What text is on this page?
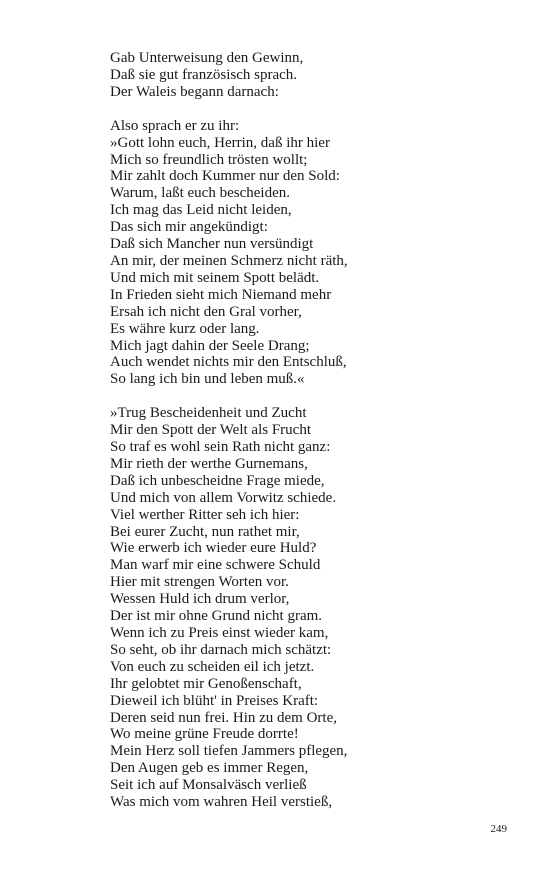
Gab Unterweisung den Gewinn,
Daß sie gut französisch sprach.
Der Waleis begann darnach:
Also sprach er zu ihr:
»Gott lohn euch, Herrin, daß ihr hier
Mich so freundlich trösten wollt;
Mir zahlt doch Kummer nur den Sold:
Warum, laßt euch bescheiden.
Ich mag das Leid nicht leiden,
Das sich mir angekündigt:
Daß sich Mancher nun versündigt
An mir, der meinen Schmerz nicht räth,
Und mich mit seinem Spott belädt.
In Frieden sieht mich Niemand mehr
Ersah ich nicht den Gral vorher,
Es währe kurz oder lang.
Mich jagt dahin der Seele Drang;
Auch wendet nichts mir den Entschluß,
So lang ich bin und leben muß.«
»Trug Bescheidenheit und Zucht
Mir den Spott der Welt als Frucht
So traf es wohl sein Rath nicht ganz:
Mir rieth der werthe Gurnemans,
Daß ich unbescheidne Frage miede,
Und mich von allem Vorwitz schiede.
Viel werther Ritter seh ich hier:
Bei eurer Zucht, nun rathet mir,
Wie erwerb ich wieder eure Huld?
Man warf mir eine schwere Schuld
Hier mit strengen Worten vor.
Wessen Huld ich drum verlor,
Der ist mir ohne Grund nicht gram.
Wenn ich zu Preis einst wieder kam,
So seht, ob ihr darnach mich schätzt:
Von euch zu scheiden eil ich jetzt.
Ihr gelobtet mir Genoßenschaft,
Dieweil ich blüht' in Preises Kraft:
Deren seid nun frei. Hin zu dem Orte,
Wo meine grüne Freude dorrte!
Mein Herz soll tiefen Jammers pflegen,
Den Augen geb es immer Regen,
Seit ich auf Monsalväsch verließ
Was mich vom wahren Heil verstieß,
249
